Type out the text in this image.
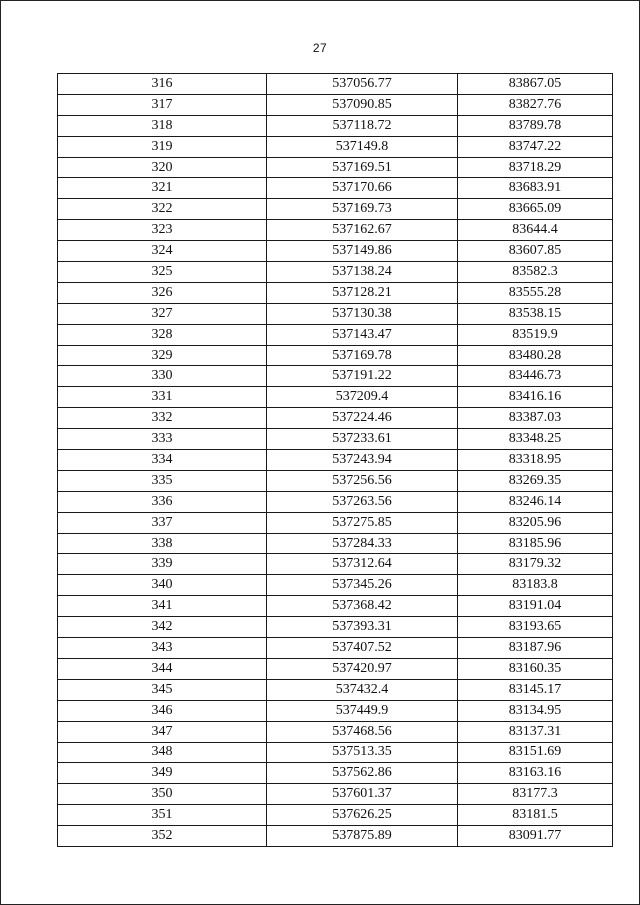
27
316	537056.77	83867.05
317	537090.85	83827.76
318	537118.72	83789.78
319	537149.8	83747.22
320	537169.51	83718.29
321	537170.66	83683.91
322	537169.73	83665.09
323	537162.67	83644.4
324	537149.86	83607.85
325	537138.24	83582.3
326	537128.21	83555.28
327	537130.38	83538.15
328	537143.47	83519.9
329	537169.78	83480.28
330	537191.22	83446.73
331	537209.4	83416.16
332	537224.46	83387.03
333	537233.61	83348.25
334	537243.94	83318.95
335	537256.56	83269.35
336	537263.56	83246.14
337	537275.85	83205.96
338	537284.33	83185.96
339	537312.64	83179.32
340	537345.26	83183.8
341	537368.42	83191.04
342	537393.31	83193.65
343	537407.52	83187.96
344	537420.97	83160.35
345	537432.4	83145.17
346	537449.9	83134.95
347	537468.56	83137.31
348	537513.35	83151.69
349	537562.86	83163.16
350	537601.37	83177.3
351	537626.25	83181.5
352	537875.89	83091.77
